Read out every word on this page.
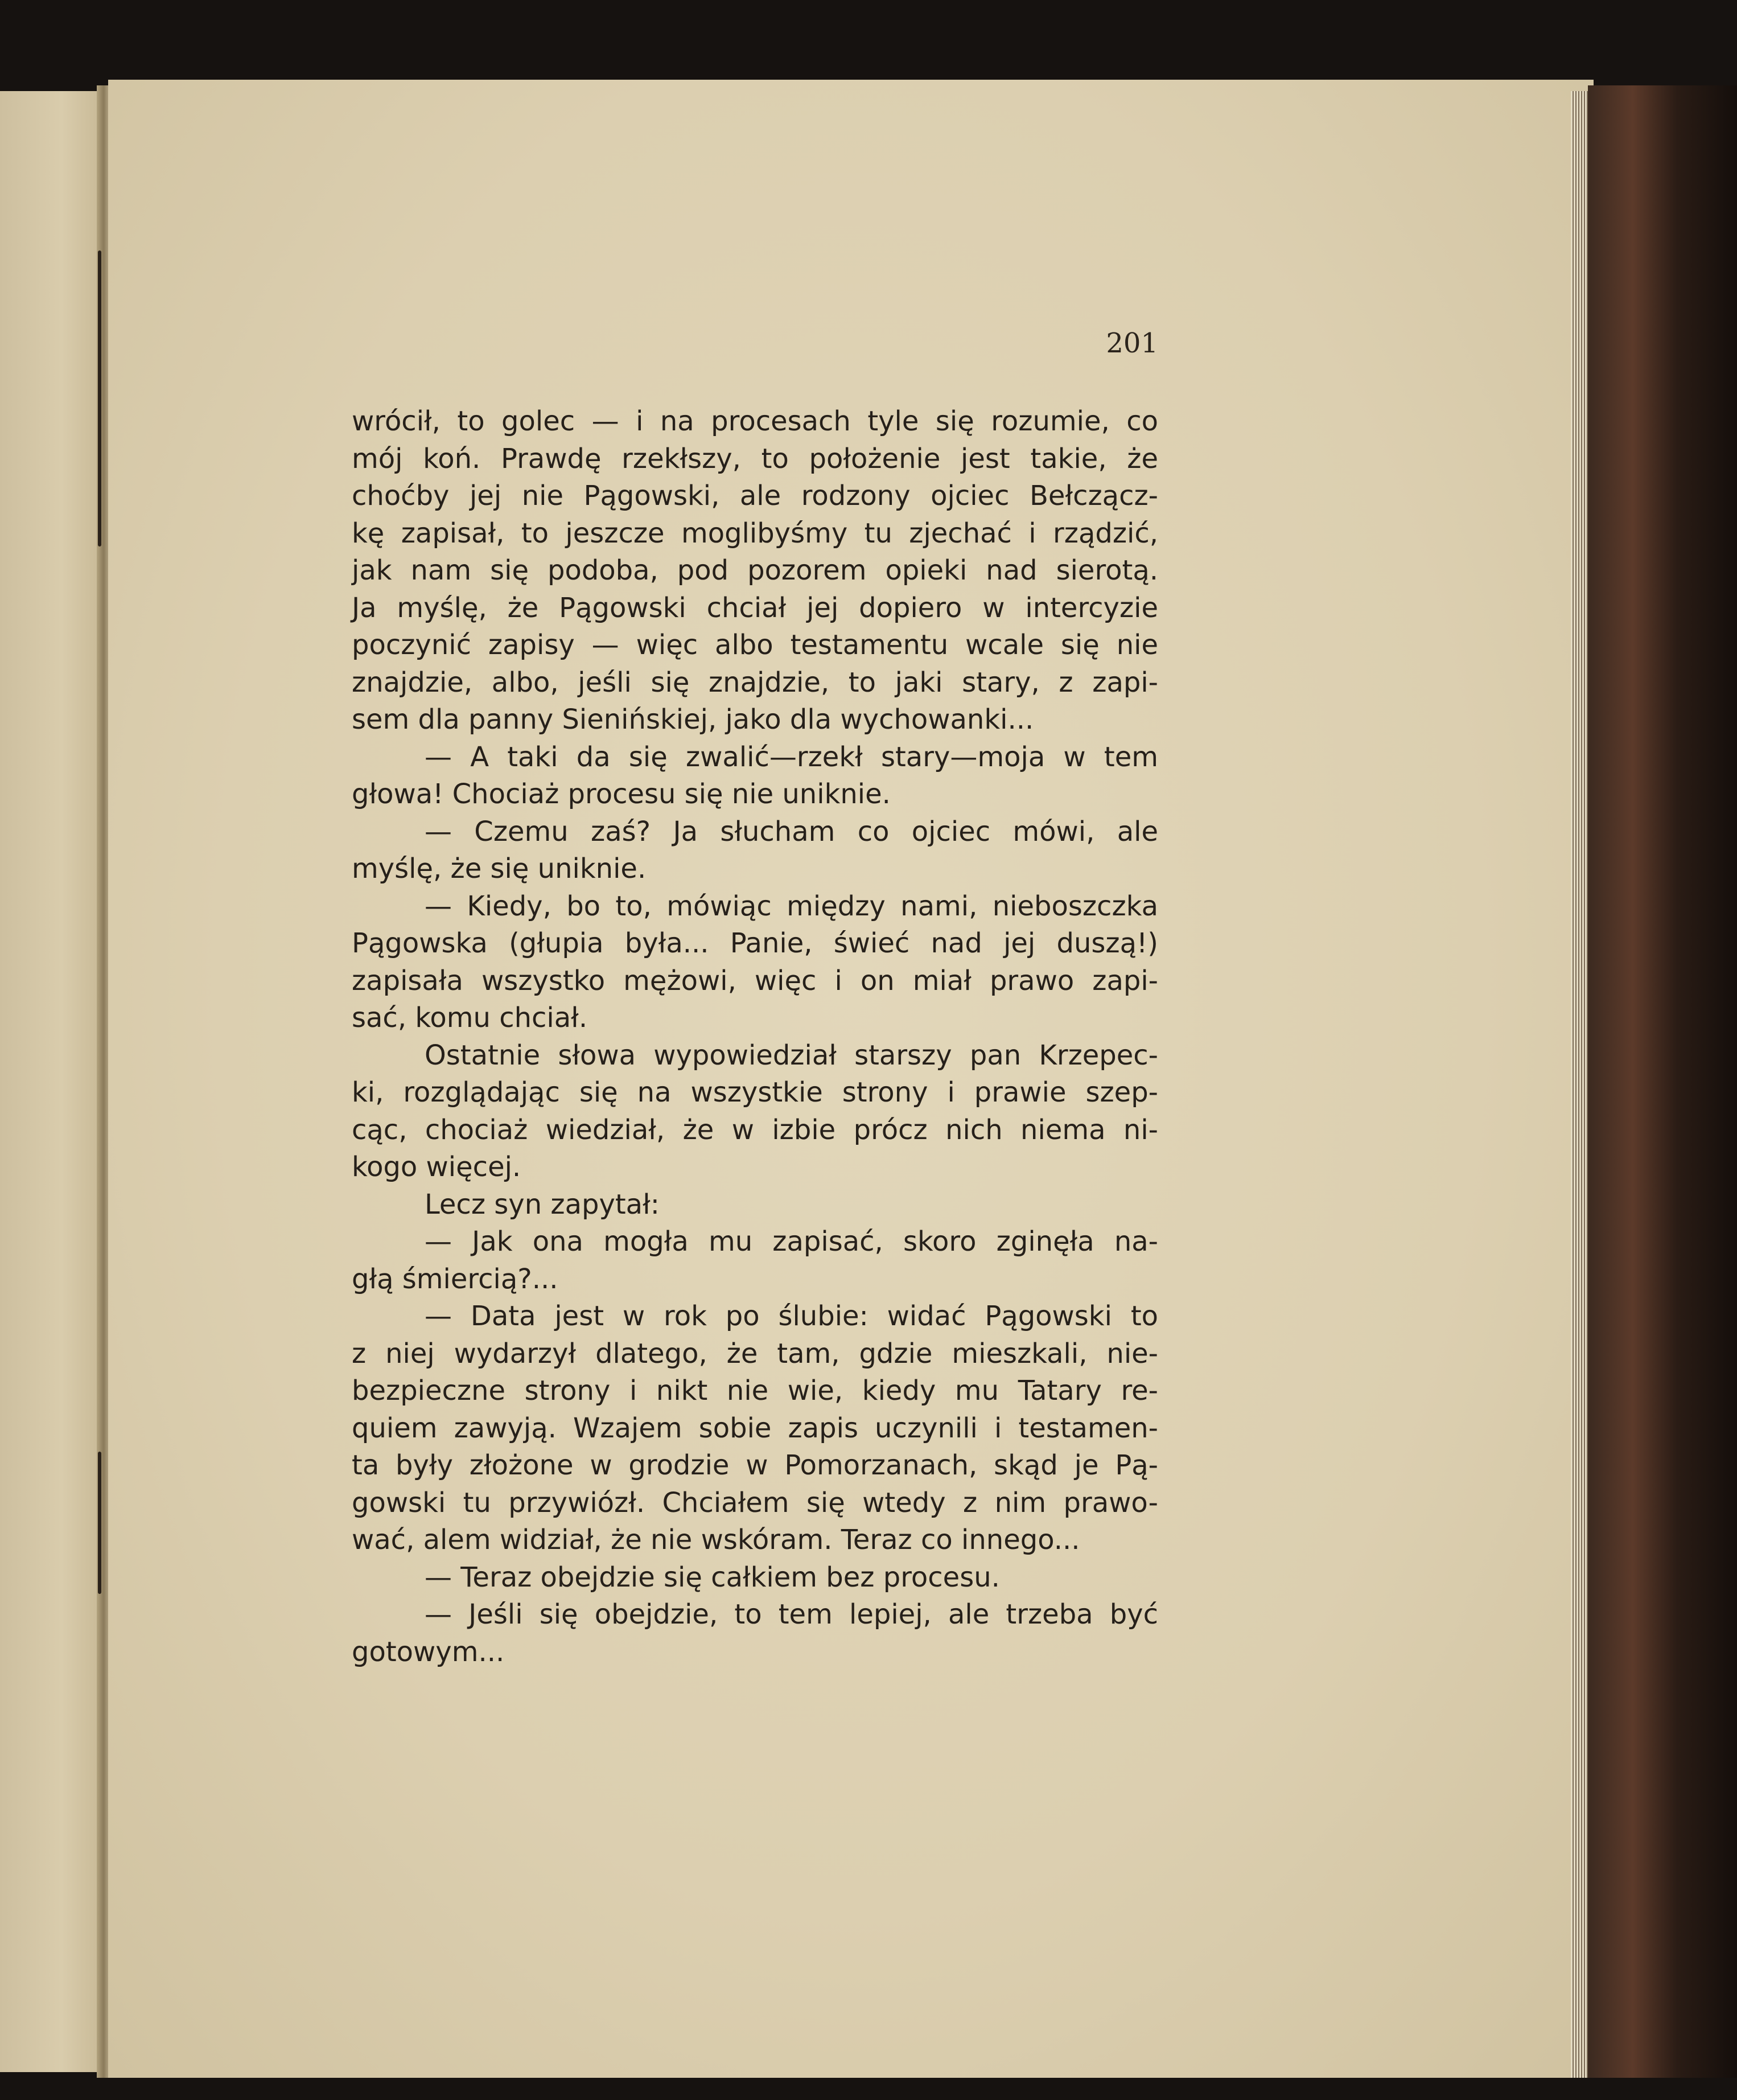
201

wrócił, to golec — i na procesach tyle się rozumie, co
mój koń. Prawdę rzekłszy, to położenie jest takie, że
choćby jej nie Pągowski, ale rodzony ojciec Bełczącz-
kę zapisał, to jeszcze moglibyśmy tu zjechać i rządzić,
jak nam się podoba, pod pozorem opieki nad sierotą.
Ja myślę, że Pągowski chciał jej dopiero w intercyzie
poczynić zapisy — więc albo testamentu wcale się nie
znajdzie, albo, jeśli się znajdzie, to jaki stary, z zapi-
sem dla panny Sienińskiej, jako dla wychowanki...

— A taki da się zwalić—rzekł stary—moja w tem
głowa! Chociaż procesu się nie uniknie.

— Czemu zaś? Ja słucham co ojciec mówi, ale
myślę, że się uniknie.

— Kiedy, bo to, mówiąc między nami, nieboszczka
Pągowska (głupia była... Panie, świeć nad jej duszą!)
zapisała wszystko mężowi, więc i on miał prawo zapi-
sać, komu chciał.

Ostatnie słowa wypowiedział starszy pan Krzepec-
ki, rozglądając się na wszystkie strony i prawie szep-
cąc, chociaż wiedział, że w izbie prócz nich niema ni-
kogo więcej.

Lecz syn zapytał:

— Jak ona mogła mu zapisać, skoro zginęła na-
głą śmiercią?...

— Data jest w rok po ślubie: widać Pągowski to
z niej wydarzył dlatego, że tam, gdzie mieszkali, nie-
bezpieczne strony i nikt nie wie, kiedy mu Tatary re-
quiem zawyją. Wzajem sobie zapis uczynili i testamen-
ta były złożone w grodzie w Pomorzanach, skąd je Pą-
gowski tu przywiózł. Chciałem się wtedy z nim prawo-
wać, alem widział, że nie wskóram. Teraz co innego...

— Teraz obejdzie się całkiem bez procesu.

— Jeśli się obejdzie, to tem lepiej, ale trzeba być
gotowym...
